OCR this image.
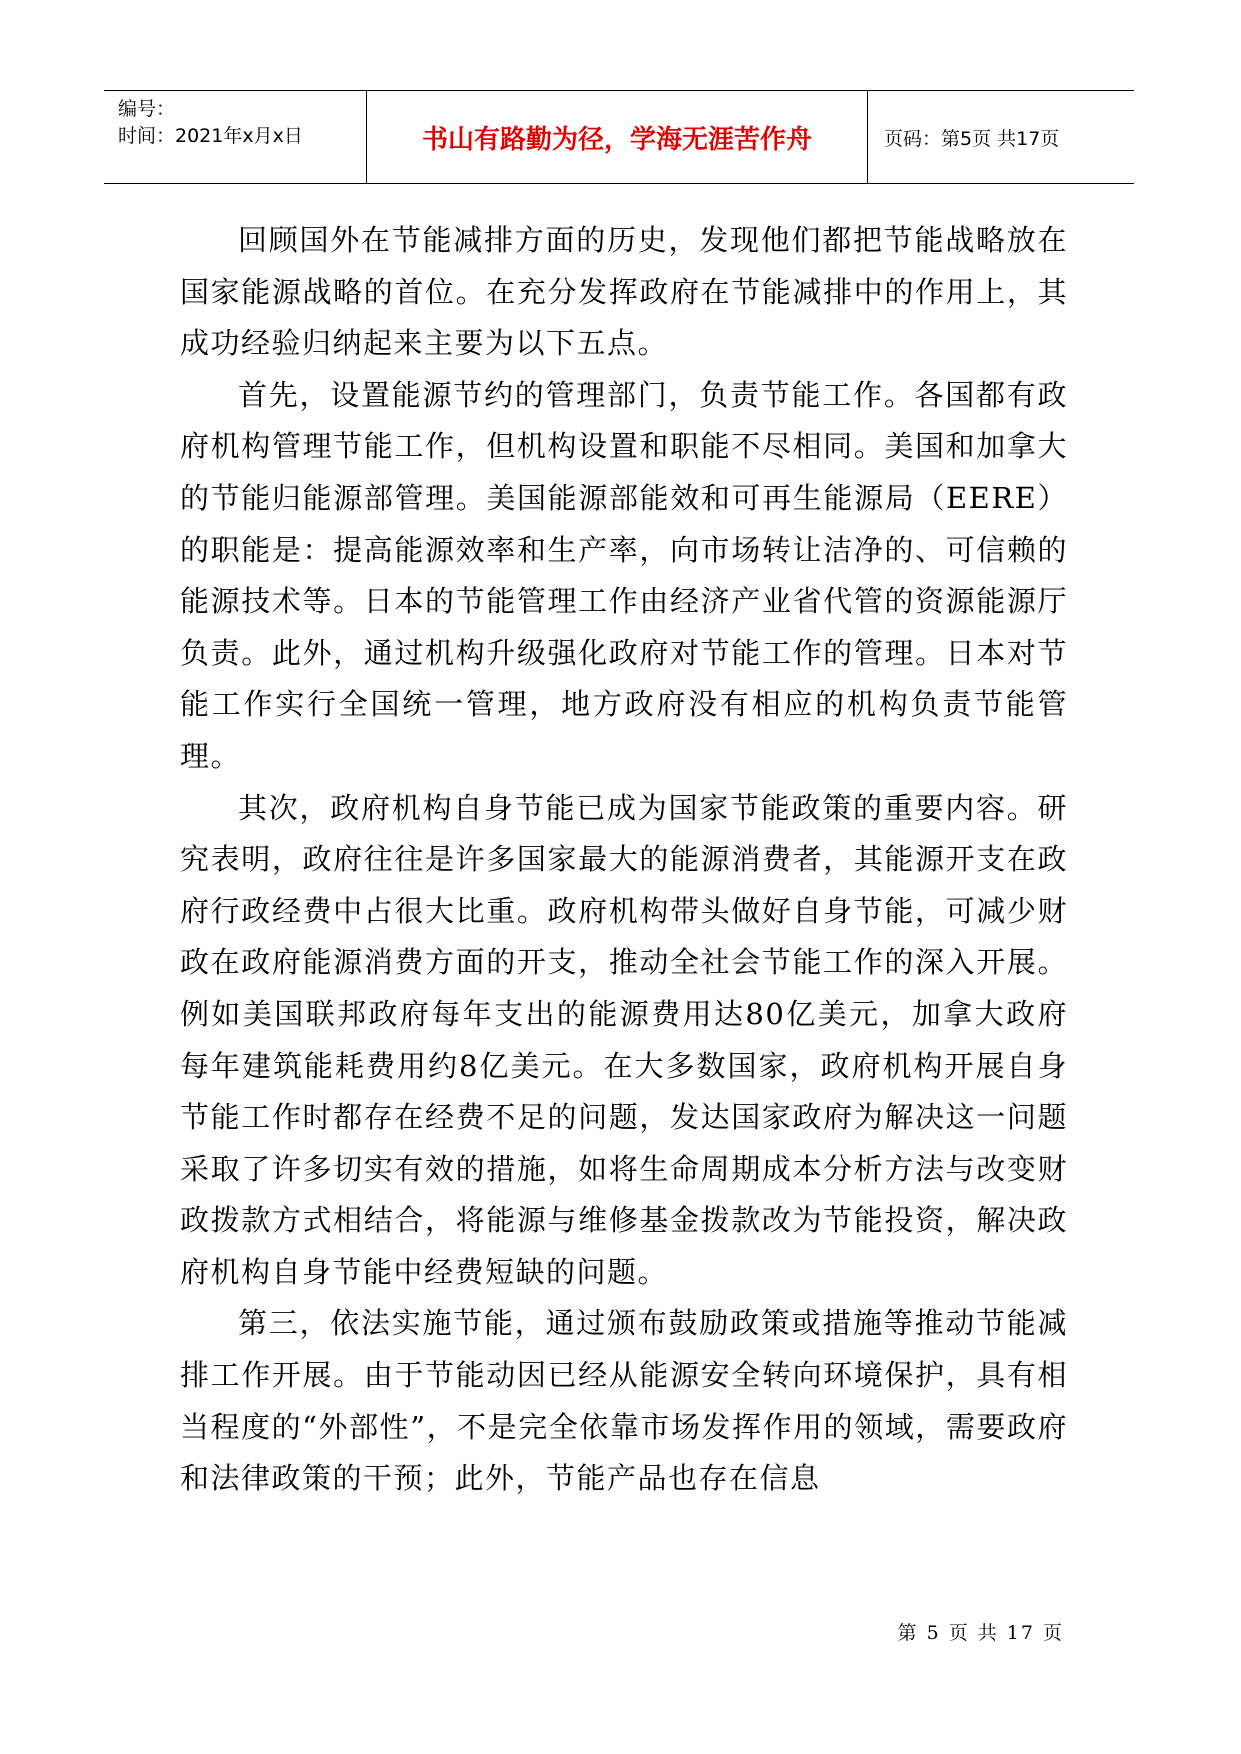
编号：
时间：2021年x月x日	书山有路勤为径，学海无涯苦作舟	页码：第5页 共17页

回顾国外在节能减排方面的历史，发现他们都把节能战略放在国家能源战略的首位。在充分发挥政府在节能减排中的作用上，其成功经验归纳起来主要为以下五点。

首先，设置能源节约的管理部门，负责节能工作。各国都有政府机构管理节能工作，但机构设置和职能不尽相同。美国和加拿大的节能归能源部管理。美国能源部能效和可再生能源局（EERE）的职能是：提高能源效率和生产率，向市场转让洁净的、可信赖的能源技术等。日本的节能管理工作由经济产业省代管的资源能源厅负责。此外，通过机构升级强化政府对节能工作的管理。日本对节能工作实行全国统一管理，地方政府没有相应的机构负责节能管理。

其次，政府机构自身节能已成为国家节能政策的重要内容。研究表明，政府往往是许多国家最大的能源消费者，其能源开支在政府行政经费中占很大比重。政府机构带头做好自身节能，可减少财政在政府能源消费方面的开支，推动全社会节能工作的深入开展。例如美国联邦政府每年支出的能源费用达80亿美元，加拿大政府每年建筑能耗费用约8亿美元。在大多数国家，政府机构开展自身节能工作时都存在经费不足的问题，发达国家政府为解决这一问题采取了许多切实有效的措施，如将生命周期成本分析方法与改变财政拨款方式相结合，将能源与维修基金拨款改为节能投资，解决政府机构自身节能中经费短缺的问题。

第三，依法实施节能，通过颁布鼓励政策或措施等推动节能减排工作开展。由于节能动因已经从能源安全转向环境保护，具有相当程度的“外部性”，不是完全依靠市场发挥作用的领域，需要政府和法律政策的干预；此外，节能产品也存在信息

第 5 页 共 17 页
